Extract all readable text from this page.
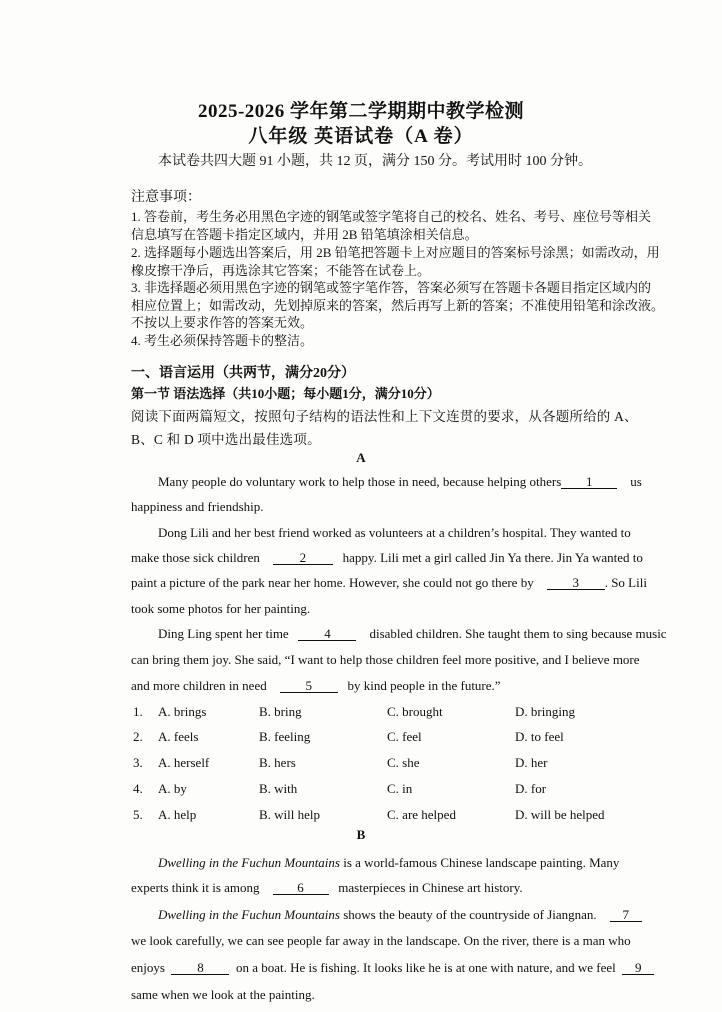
2025-2026 学年第二学期期中教学检测
八年级 英语试卷（A 卷）
本试卷共四大题 91 小题，共 12 页，满分 150 分。考试用时 100 分钟。
注意事项：
1. 答卷前，考生务必用黑色字迹的钢笔或签字笔将自己的校名、姓名、考号、座位号等相关
信息填写在答题卡指定区域内，并用 2B 铅笔填涂相关信息。
2. 选择题每小题选出答案后，用 2B 铅笔把答题卡上对应题目的答案标号涂黑；如需改动，用
橡皮擦干净后，再选涂其它答案；不能答在试卷上。
3. 非选择题必须用黑色字迹的钢笔或签字笔作答，答案必须写在答题卡各题目指定区域内的
相应位置上；如需改动，先划掉原来的答案，然后再写上新的答案；不准使用铅笔和涂改液。
不按以上要求作答的答案无效。
4. 考生必须保持答题卡的整洁。
一、语言运用（共两节，满分20分）
第一节 语法选择（共10小题；每小题1分，满分10分）
阅读下面两篇短文，按照句子结构的语法性和上下文连贯的要求，从各题所给的 A、
B、C 和 D 项中选出最佳选项。
A
Many people do voluntary work to help those in need, because helping others 1	us
happiness and friendship.
Dong Lili and her best friend worked as volunteers at a children’s hospital. They wanted to
make those sick children	2	happy. Lili met a girl called Jin Ya there. Jin Ya wanted to
paint a picture of the park near her home. However, she could not go there by	3 . So Lili
took some photos for her painting.
Ding Ling spent her time	4	disabled children. She taught them to sing because music
can bring them joy. She said, “I want to help those children feel more positive, and I believe more
and more children in need	5	by kind people in the future.”
1. A. brings	B. bring	C. brought	D. bringing
2. A. feels	B. feeling	C. feel	D. to feel
3. A. herself	B. hers	C. she	D. her
4. A. by	B. with	C. in	D. for
5. A. help	B. will help	C. are helped	D. will be helped
B
Dwelling in the Fuchun Mountains is a world-famous Chinese landscape painting. Many
experts think it is among	6	masterpieces in Chinese art history.
Dwelling in the Fuchun Mountains shows the beauty of the countryside of Jiangnan. 7
we look carefully, we can see people far away in the landscape. On the river, there is a man who
enjoys 8 on a boat. He is fishing. It looks like he is at one with nature, and we feel 9
same when we look at the painting.
